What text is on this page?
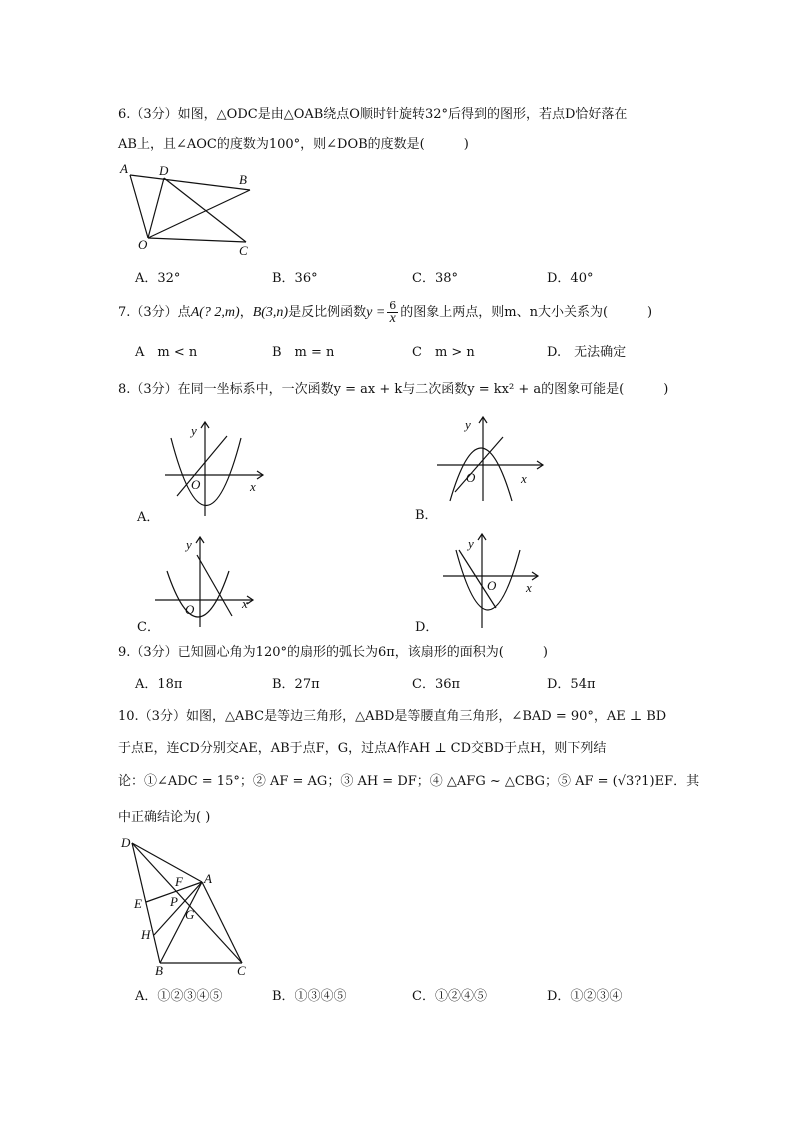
6.（3分）如图，△ODC是由△OAB绕点O顺时针旋转32°后得到的图形，若点D恰好落在
AB上，且∠AOC的度数为100°，则∠DOB的度数是(　　　)
A D
B
O	C
A．32°	B．36°	C．38°	D．40°
7.（3分）点A(? 2,m)，B(3,n)是反比例函数$y = \frac{6}{x}$ 的图象上两点，则m、n大小关系为(　　　)
A　m < n	B　m = n	C　m > n	D.　无法确定
8.（3分）在同一坐标系中，一次函数y = ax + k与二次函数y = kx² + a的图象可能是(　　　)
y
O	x
A．
y
O	x
B．
y
O	x
C．
y
O x
D．
9.（3分）已知圆心角为120°的扇形的弧长为6π，该扇形的面积为(　　　)
A．18π	B．27π	C．36π	D．54π
10.（3分）如图，△ABC是等边三角形，△ABD是等腰直角三角形，∠BAD = 90°，AE ⊥ BD
于点E，连CD分别交AE，AB于点F，G，过点A作AH ⊥ CD交BD于点H，则下列结
论：①∠ADC = 15°；② AF = AG；③ AH = DF；④ △AFG ~ △CBG；⑤ AF = (√3?1)EF．其
中正确结论为( )
D
F A
E P
G
H
B	C
A．①②③④⑤	B．①③④⑤	C．①②④⑤	D．①②③④
